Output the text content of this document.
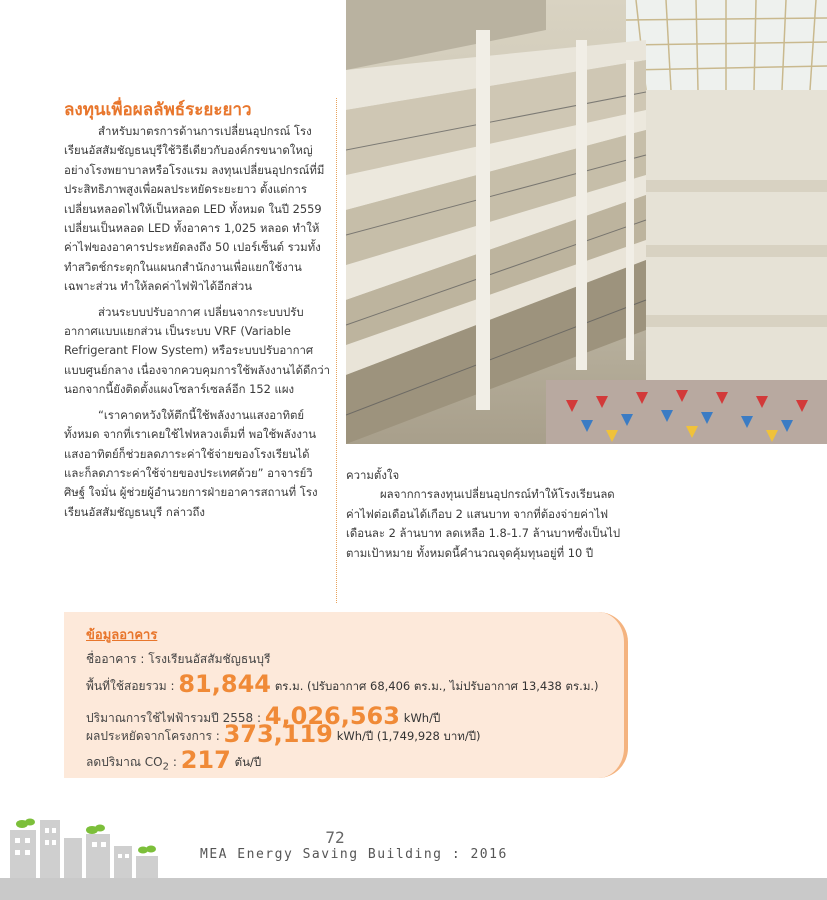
ลงทุนเพื่อผลลัพธ์ระยะยาว

สำหรับมาตรการด้านการเปลี่ยนอุปกรณ์ โรงเรียนอัสสัมชัญธนบุรีใช้วิธีเดียวกับองค์กรขนาดใหญ่อย่างโรงพยาบาลหรือโรงแรม ลงทุนเปลี่ยนอุปกรณ์ที่มีประสิทธิภาพสูงเพื่อผลประหยัดระยะยาว ตั้งแต่การเปลี่ยนหลอดไฟให้เป็นหลอด LED ทั้งหมด ในปี 2559 เปลี่ยนเป็นหลอด LED ทั้งอาคาร 1,025 หลอด ทำให้ค่าไฟของอาคารประหยัดลงถึง 50 เปอร์เซ็นต์ รวมทั้งทำสวิตช์กระตุกในแผนกสำนักงานเพื่อแยกใช้งานเฉพาะส่วน ทำให้ลดค่าไฟฟ้าได้อีกส่วน

ส่วนระบบปรับอากาศ เปลี่ยนจากระบบปรับอากาศแบบแยกส่วน เป็นระบบ VRF (Variable Refrigerant Flow System) หรือระบบปรับอากาศแบบศูนย์กลาง เนื่องจากควบคุมการใช้พลังงานได้ดีกว่า นอกจากนี้ยังติดตั้งแผงโซลาร์เซลล์อีก 152 แผง

“เราคาดหวังให้ตึกนี้ใช้พลังงานแสงอาทิตย์ทั้งหมด จากที่เราเคยใช้ไฟหลวงเต็มที่ พอใช้พลังงานแสงอาทิตย์ก็ช่วยลดภาระค่าใช้จ่ายของโรงเรียนได้ และก็ลดภาระค่าใช้จ่ายของประเทศด้วย” อาจารย์วิศิษฐ์ ใจมั่น ผู้ช่วยผู้อำนวยการฝ่ายอาคารสถานที่ โรงเรียนอัสสัมชัญธนบุรี กล่าวถึง

ความตั้งใจ

ผลจากการลงทุนเปลี่ยนอุปกรณ์ทำให้โรงเรียนลดค่าไฟต่อเดือนได้เกือบ 2 แสนบาท จากที่ต้องจ่ายค่าไฟเดือนละ 2 ล้านบาท ลดเหลือ 1.8-1.7 ล้านบาทซึ่งเป็นไปตามเป้าหมาย ทั้งหมดนี้คำนวณจุดคุ้มทุนอยู่ที่ 10 ปี

ข้อมูลอาคาร
ชื่ออาคาร : โรงเรียนอัสสัมชัญธนบุรี
พื้นที่ใช้สอยรวม : 81,844 ตร.ม. (ปรับอากาศ 68,406 ตร.ม., ไม่ปรับอากาศ 13,438 ตร.ม.)
ปริมาณการใช้ไฟฟ้ารวมปี 2558 : 4,026,563 kWh/ปี
ผลประหยัดจากโครงการ : 373,119 kWh/ปี (1,749,928 บาท/ปี)
ลดปริมาณ $CO_2$ : 217 ตัน/ปี
72
MEA Energy Saving Building : 2016
